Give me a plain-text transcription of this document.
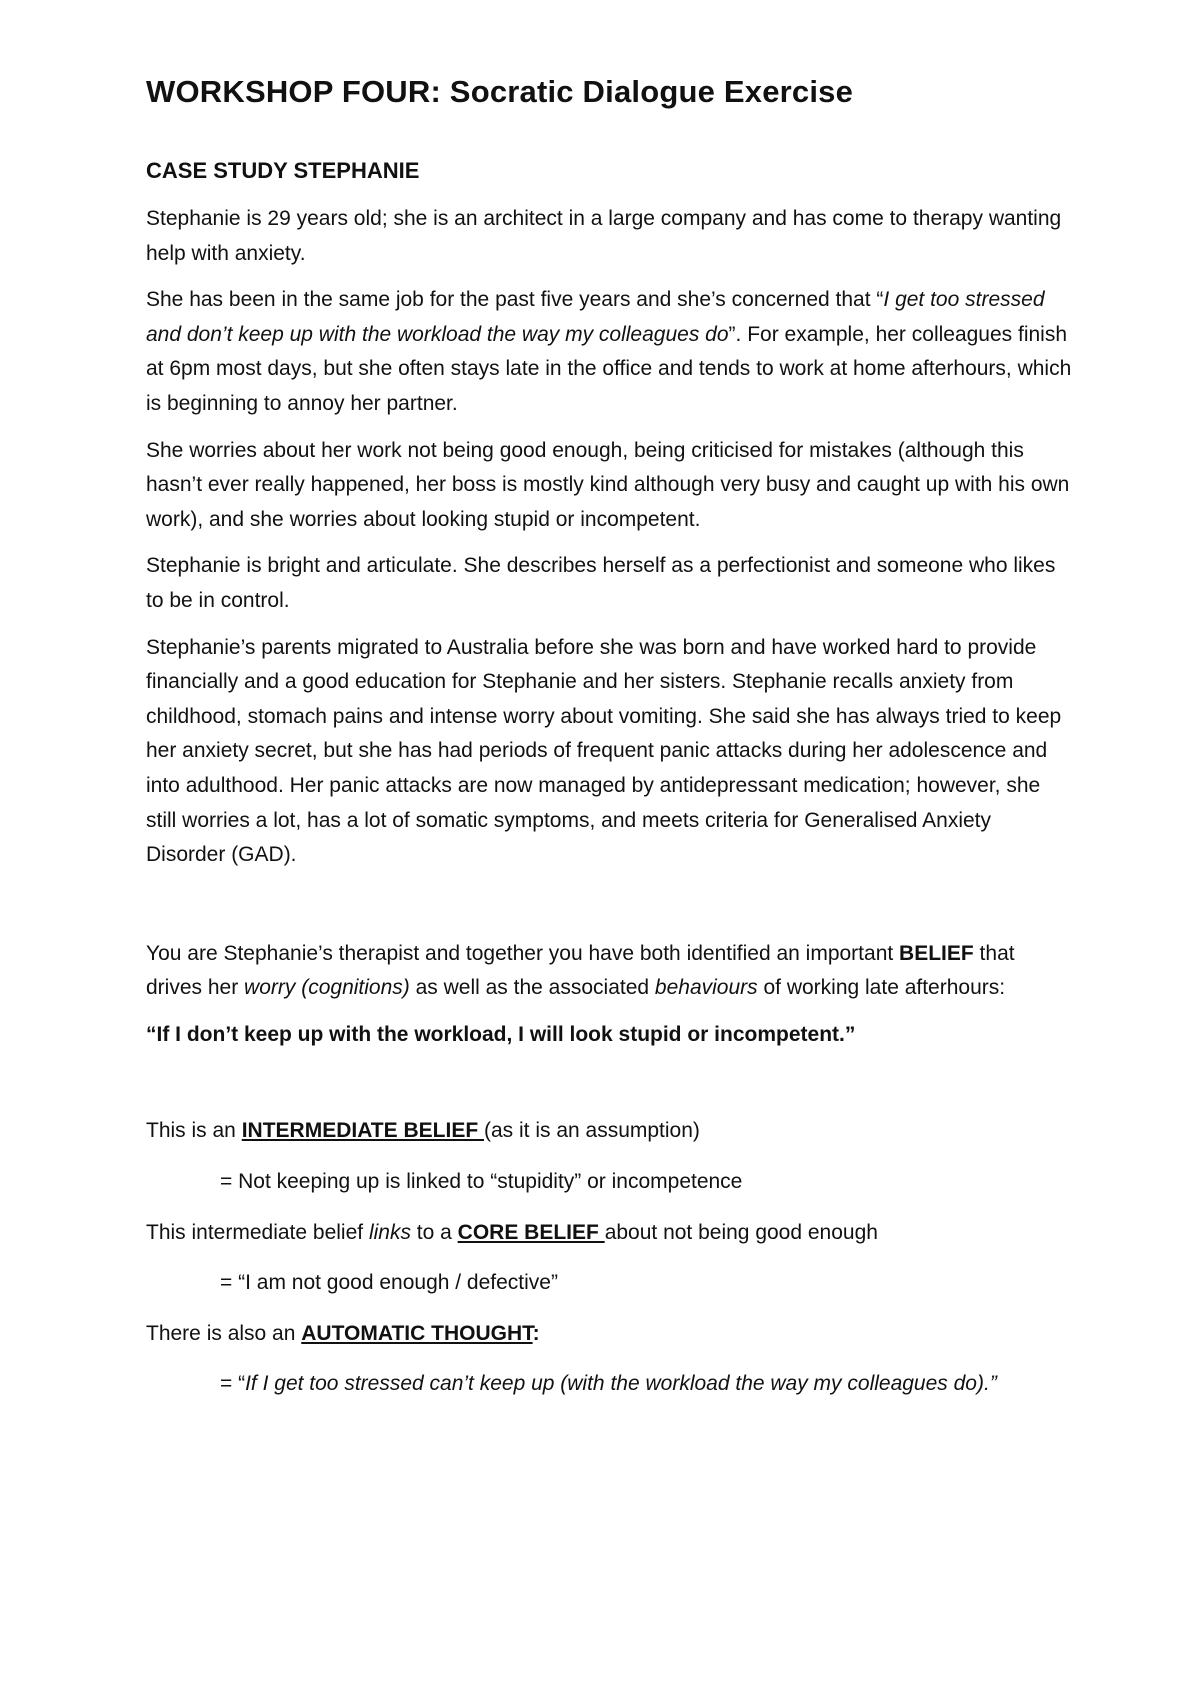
WORKSHOP FOUR: Socratic Dialogue Exercise
CASE STUDY STEPHANIE

Stephanie is 29 years old; she is an architect in a large company and has come to therapy wanting help with anxiety.

She has been in the same job for the past five years and she’s concerned that “I get too stressed and don’t keep up with the workload the way my colleagues do”. For example, her colleagues finish at 6pm most days, but she often stays late in the office and tends to work at home afterhours, which is beginning to annoy her partner.

She worries about her work not being good enough, being criticised for mistakes (although this hasn’t ever really happened, her boss is mostly kind although very busy and caught up with his own work), and she worries about looking stupid or incompetent.

Stephanie is bright and articulate. She describes herself as a perfectionist and someone who likes to be in control.

Stephanie’s parents migrated to Australia before she was born and have worked hard to provide financially and a good education for Stephanie and her sisters. Stephanie recalls anxiety from childhood, stomach pains and intense worry about vomiting. She said she has always tried to keep her anxiety secret, but she has had periods of frequent panic attacks during her adolescence and into adulthood. Her panic attacks are now managed by antidepressant medication; however, she still worries a lot, has a lot of somatic symptoms, and meets criteria for Generalised Anxiety Disorder (GAD).

You are Stephanie’s therapist and together you have both identified an important BELIEF that drives her worry (cognitions) as well as the associated behaviours of working late afterhours:

“If I don’t keep up with the workload, I will look stupid or incompetent.”

This is an INTERMEDIATE BELIEF (as it is an assumption)

= Not keeping up is linked to “stupidity” or incompetence

This intermediate belief links to a CORE BELIEF about not being good enough

= “I am not good enough / defective”

There is also an AUTOMATIC THOUGHT:

= “If I get too stressed can’t keep up (with the workload the way my colleagues do).”
